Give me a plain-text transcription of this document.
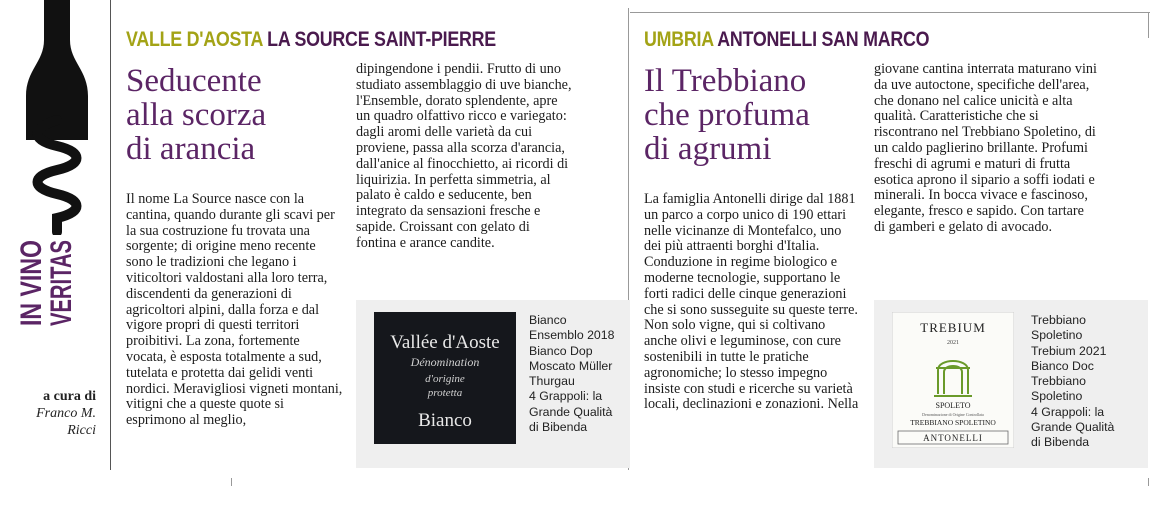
IN VINO
VERITAS
a cura di
Franco M.
Ricci
VALLE D'AOSTA LA SOURCE SAINT-PIERRE
Seducente
alla scorza
di arancia

Il nome La Source nasce con la cantina, quando durante gli scavi per la sua costruzione fu trovata una sorgente; di origine meno recente sono le tradizioni che legano i viticoltori valdostani alla loro terra, discendenti da generazioni di agricoltori alpini, dalla forza e dal vigore propri di questi territori proibitivi. La zona, fortemente vocata, è esposta totalmente a sud, tutelata e protetta dai gelidi venti nordici. Meravigliosi vigneti montani, vitigni che a queste quote si esprimono al meglio,

dipingendone i pendii. Frutto di uno studiato assemblaggio di uve bianche, l'Ensemble, dorato splendente, apre un quadro olfattivo ricco e variegato: dagli aromi delle varietà da cui proviene, passa alla scorza d'arancia, dall'anice al finocchietto, ai ricordi di liquirizia. In perfetta simmetria, al palato è caldo e seducente, ben integrato da sensazioni fresche e sapide. Croissant con gelato di fontina e arance candite.

Vallée d'Aoste
Dénomination
d'origine
protetta
Bianco
Bianco
Ensemblo 2018
Bianco Dop
Moscato Müller
Thurgau
4 Grappoli: la
Grande Qualità
di Bibenda
UMBRIA ANTONELLI SAN MARCO
Il Trebbiano
che profuma
di agrumi

La famiglia Antonelli dirige dal 1881 un parco a corpo unico di 190 ettari nelle vicinanze di Montefalco, uno dei più attraenti borghi d'Italia. Conduzione in regime biologico e moderne tecnologie, supportano le forti radici delle cinque generazioni che si sono susseguite su queste terre. Non solo vigne, qui si coltivano anche olivi e leguminose, con cure sostenibili in tutte le pratiche agronomiche; lo stesso impegno insiste con studi e ricerche su varietà locali, declinazioni e zonazioni. Nella

giovane cantina interrata maturano vini da uve autoctone, specifiche dell'area, che donano nel calice unicità e alta qualità. Caratteristiche che si riscontrano nel Trebbiano Spoletino, di un caldo paglierino brillante. Profumi freschi di agrumi e maturi di frutta esotica aprono il sipario a soffi iodati e minerali. In bocca vivace e fascinoso, elegante, fresco e sapido. Con tartare di gamberi e gelato di avocado.

TREBIUM
2021
SPOLETO
Denominazione di Origine Controllata
TREBBIANO SPOLETINO
ANTONELLI
Trebbiano
Spoletino
Trebium 2021
Bianco Doc
Trebbiano
Spoletino
4 Grappoli: la
Grande Qualità
di Bibenda
